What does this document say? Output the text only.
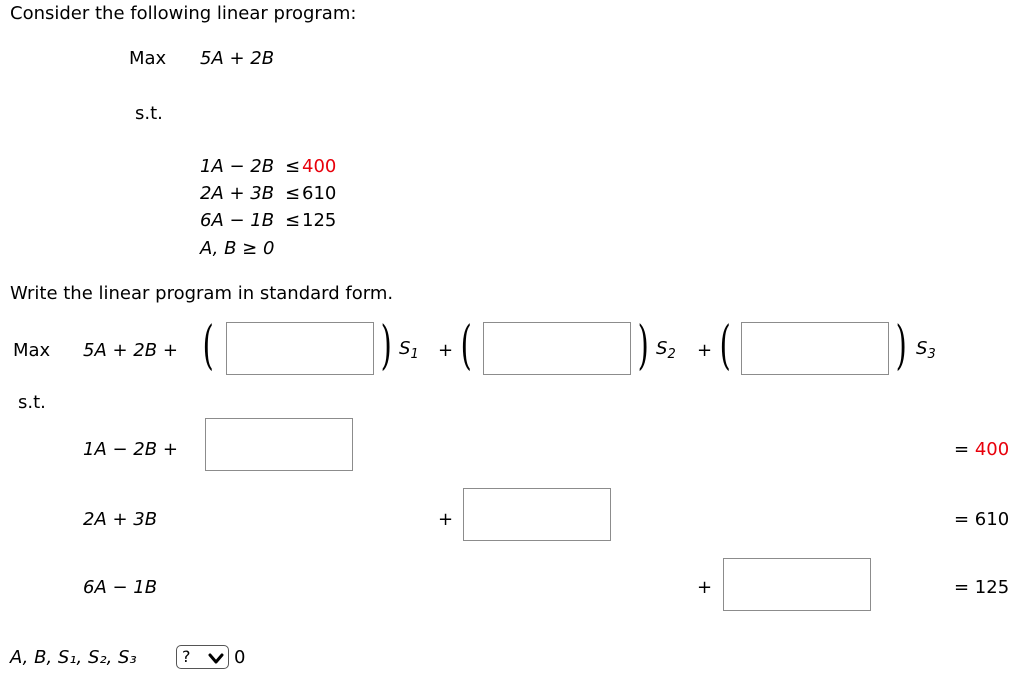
Consider the following linear program:
Max 5A + 2B
s.t.
1A − 2B ≤ 400
2A + 3B ≤ 610
6A − 1B ≤ 125
A, B ≥ 0
Write the linear program in standard form.
Max 5A + 2B + (	) $S_1$ + (	) $S_2$ + (	) $S_3$
s.t.
1A − 2B +	= 400
2A + 3B	+	= 610
6A − 1B	+	= 125
A, B, S₁, S₂, S₃	? 0
